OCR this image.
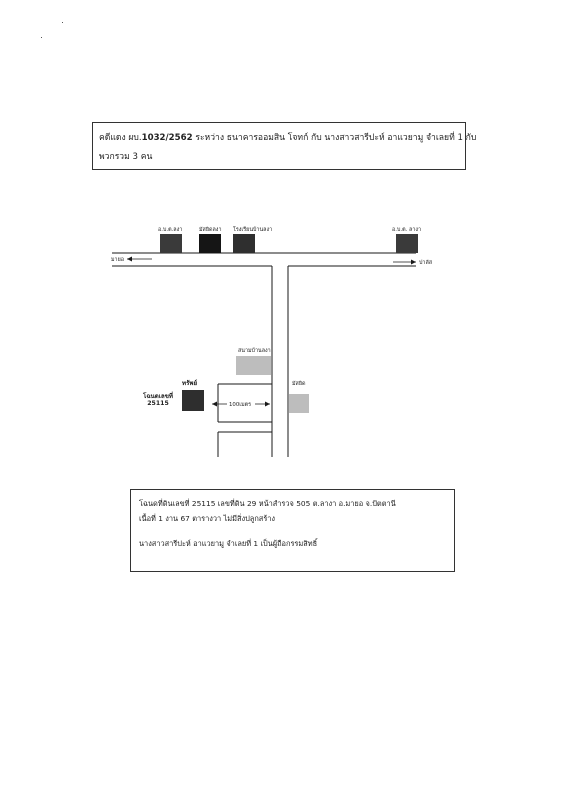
คดีแดง ผบ.1032/2562 ระหว่าง ธนาคารออมสิน โจทก์ กับ นางสาวสารีปะห์ อาแวยามู จำเลยที่ 1 กับ
พวกรวม 3 คน
อ.บ.ต.ลงา	มัสยิดลงา โรงเรียนบ้านลงา	อ.บ.ต. ลางา
มายอ	ปาลัส
สนามบ้านลงา
มัสยิด
ทรัพย์
โฉนดเลขที่
25115	100เมตร

โฉนดที่ดินเลขที่ 25115 เลขที่ดิน 29 หน้าสำรวจ 505 ต.ลางา อ.มายอ จ.ปัตตานี

เนื้อที่ 1 งาน 67 ตารางวา ไม่มีสิ่งปลูกสร้าง

นางสาวสารีปะห์ อาแวยามู จำเลยที่ 1 เป็นผู้ถือกรรมสิทธิ์
